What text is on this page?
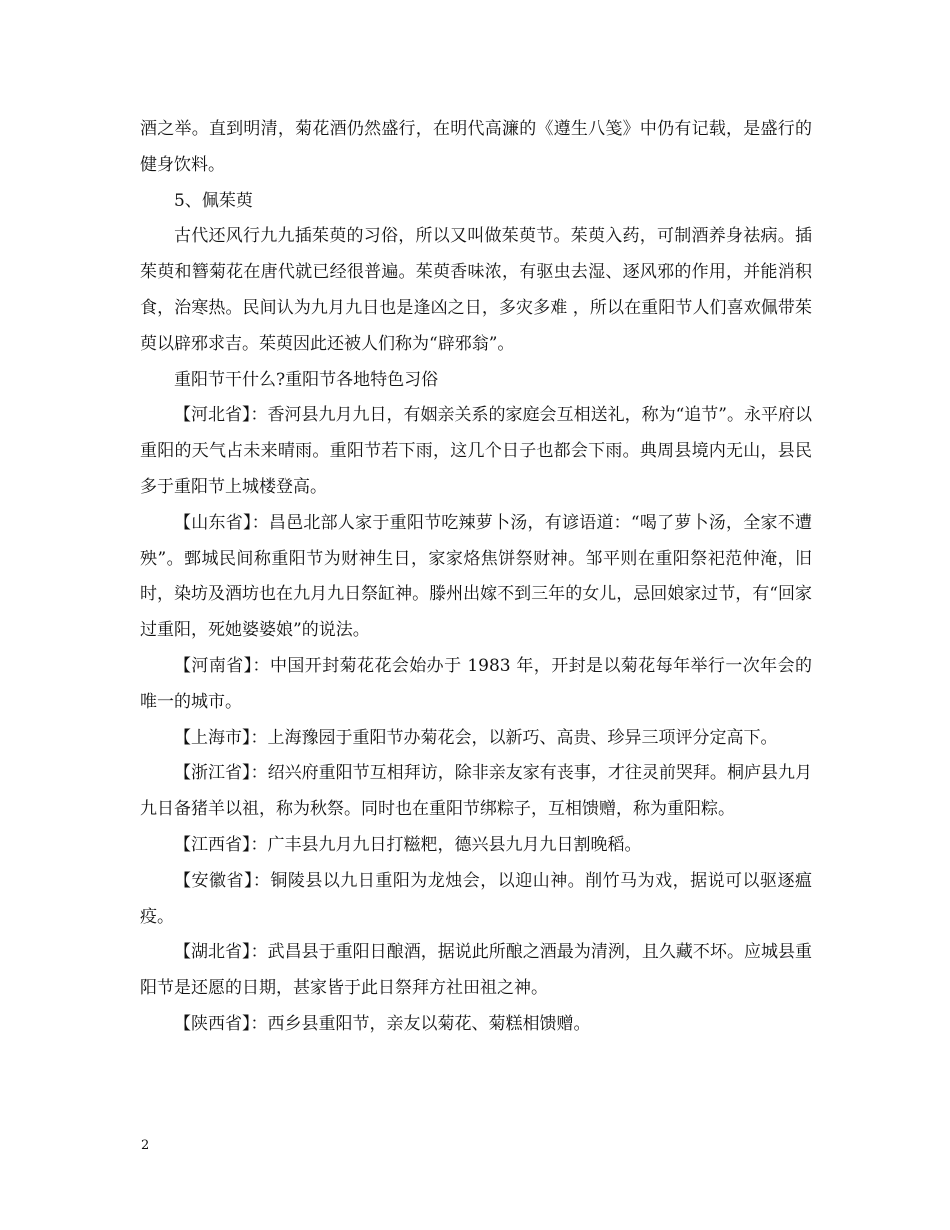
酒之举。直到明清，菊花酒仍然盛行，在明代高濂的《遵生八笺》中仍有记载，是盛行的健身饮料。

5、佩茱萸

古代还风行九九插茱萸的习俗，所以又叫做茱萸节。茱萸入药，可制酒养身祛病。插茱萸和簪菊花在唐代就已经很普遍。茱萸香味浓，有驱虫去湿、逐风邪的作用，并能消积食，治寒热。民间认为九月九日也是逢凶之日，多灾多难 ，所以在重阳节人们喜欢佩带茱萸以辟邪求吉。茱萸因此还被人们称为“辟邪翁”。

重阳节干什么?重阳节各地特色习俗

【河北省】：香河县九月九日，有姻亲关系的家庭会互相送礼，称为“追节”。永平府以重阳的天气占未来晴雨。重阳节若下雨，这几个日子也都会下雨。典周县境内无山，县民多于重阳节上城楼登高。

【山东省】：昌邑北部人家于重阳节吃辣萝卜汤，有谚语道：“喝了萝卜汤，全家不遭殃”。鄄城民间称重阳节为财神生日，家家烙焦饼祭财神。邹平则在重阳祭祀范仲淹，旧时，染坊及酒坊也在九月九日祭缸神。滕州出嫁不到三年的女儿，忌回娘家过节，有“回家过重阳，死她婆婆娘”的说法。

【河南省】：中国开封菊花花会始办于 1983 年，开封是以菊花每年举行一次年会的唯一的城市。

【上海市】：上海豫园于重阳节办菊花会，以新巧、高贵、珍异三项评分定高下。

【浙江省】：绍兴府重阳节互相拜访，除非亲友家有丧事，才往灵前哭拜。桐庐县九月九日备猪羊以祖，称为秋祭。同时也在重阳节绑粽子，互相馈赠，称为重阳粽。

【江西省】：广丰县九月九日打糍粑，德兴县九月九日割晚稻。

【安徽省】：铜陵县以九日重阳为龙烛会，以迎山神。削竹马为戏，据说可以驱逐瘟疫。

【湖北省】：武昌县于重阳日酿酒，据说此所酿之酒最为清洌，且久藏不坏。应城县重阳节是还愿的日期，甚家皆于此日祭拜方社田祖之神。

【陕西省】：西乡县重阳节，亲友以菊花、菊糕相馈赠。

2
